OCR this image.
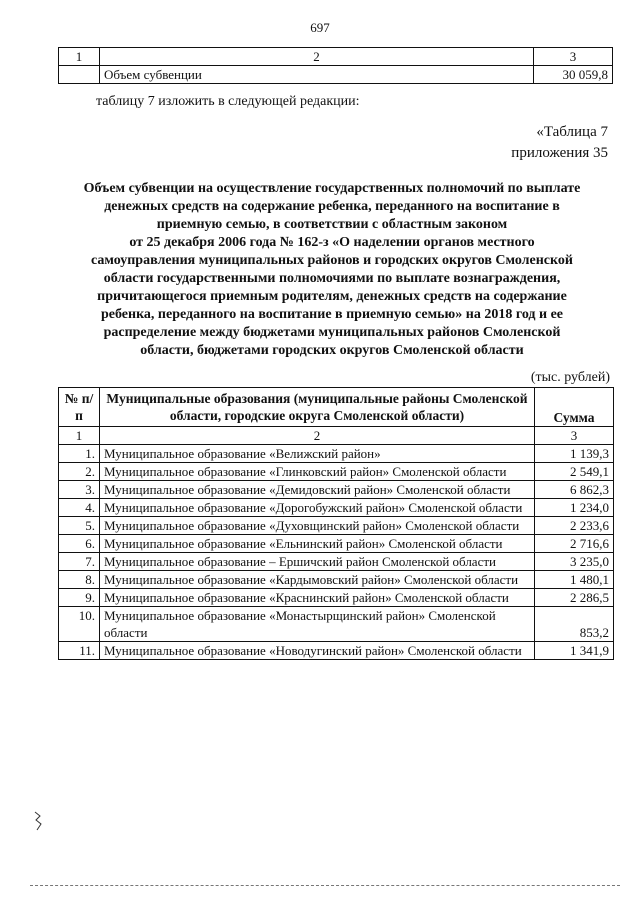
697
1	2	3
	Объем субвенции	30 059,8
таблицу 7 изложить в следующей редакции:
«Таблица 7
приложения 35
Объем субвенции на осуществление государственных полномочий по выплате
денежных средств на содержание ребенка, переданного на воспитание в
приемную семью, в соответствии с областным законом
от 25 декабря 2006 года № 162-з «О наделении органов местного
самоуправления муниципальных районов и городских округов Смоленской
области государственными полномочиями по выплате вознаграждения,
причитающегося приемным родителям, денежных средств на содержание
ребенка, переданного на воспитание в приемную семью» на 2018 год и ее
распределение между бюджетами муниципальных районов Смоленской
области, бюджетами городских округов Смоленской области
(тыс. рублей)
№ п/п	Муниципальные образования (муниципальные районы Смоленской области, городские округа Смоленской области)	Сумма
1	2	3
1.	Муниципальное образование «Велижский район»	1 139,3
2.	Муниципальное образование «Глинковский район» Смоленской области	2 549,1
3.	Муниципальное образование «Демидовский район» Смоленской области	6 862,3
4.	Муниципальное образование «Дорогобужский район» Смоленской области	1 234,0
5.	Муниципальное образование «Духовщинский район» Смоленской области	2 233,6
6.	Муниципальное образование «Ельнинский район» Смоленской области	2 716,6
7.	Муниципальное образование – Ершичский район Смоленской области	3 235,0
8.	Муниципальное образование «Кардымовский район» Смоленской области	1 480,1
9.	Муниципальное образование «Краснинский район» Смоленской области	2 286,5
10.	Муниципальное образование «Монастырщинский район» Смоленской области	853,2
11.	Муниципальное образование «Новодугинский район» Смоленской области	1 341,9
